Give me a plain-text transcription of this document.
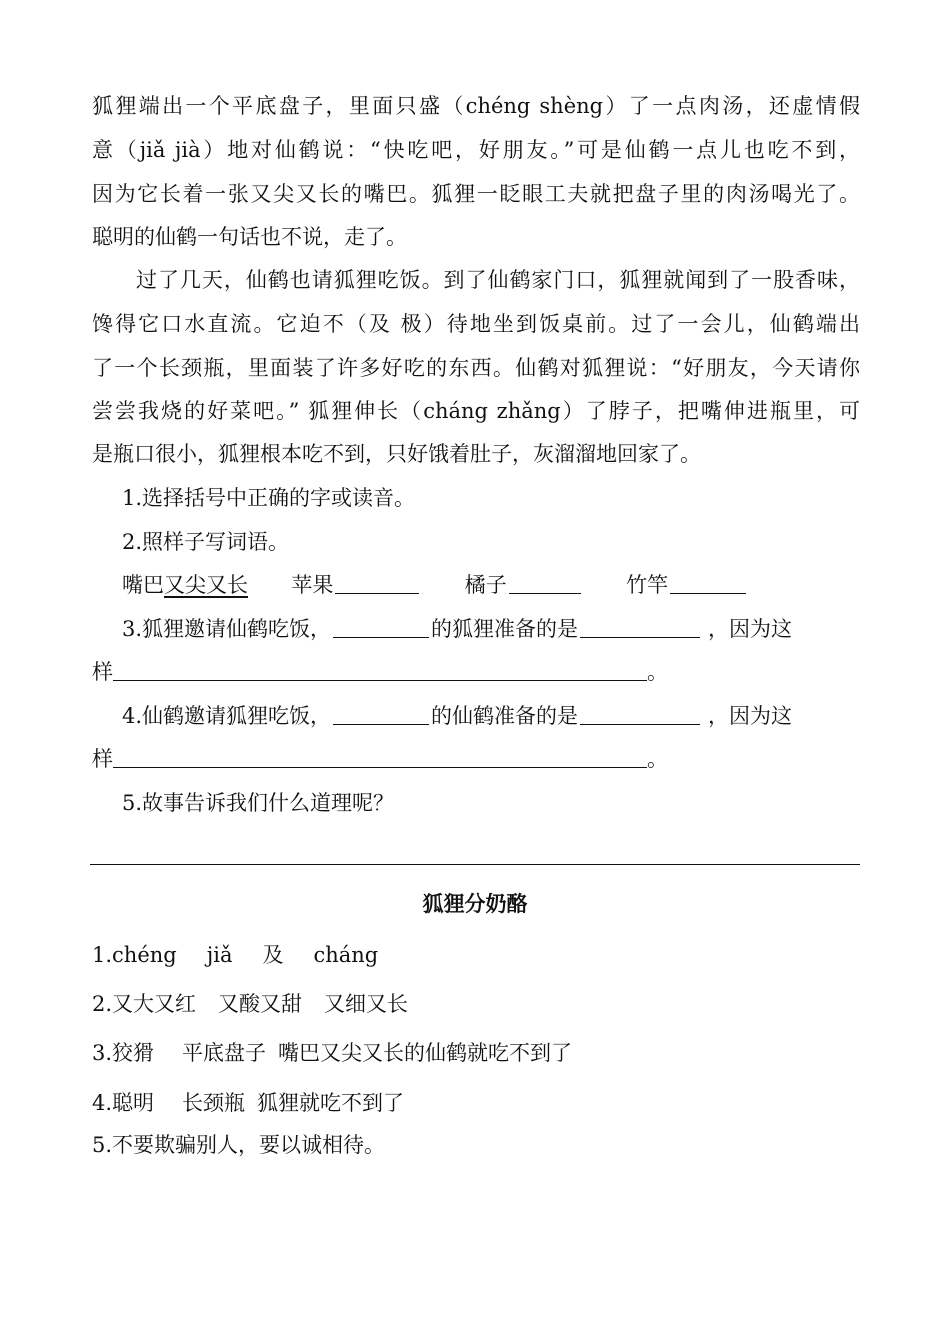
狐狸端出一个平底盘子，里面只盛（chéng shèng）了一点肉汤，还虚情假
意（jiǎ jià）地对仙鹤说：“快吃吧，好朋友。”可是仙鹤一点儿也吃不到，
因为它长着一张又尖又长的嘴巴。狐狸一眨眼工夫就把盘子里的肉汤喝光了。
聪明的仙鹤一句话也不说，走了。
过了几天，仙鹤也请狐狸吃饭。到了仙鹤家门口，狐狸就闻到了一股香味，
馋得它口水直流。它迫不（及 极）待地坐到饭桌前。过了一会儿，仙鹤端出
了一个长颈瓶，里面装了许多好吃的东西。仙鹤对狐狸说：“好朋友，今天请你
尝尝我烧的好菜吧。” 狐狸伸长（cháng zhǎng）了脖子，把嘴伸进瓶里，可
是瓶口很小，狐狸根本吃不到，只好饿着肚子，灰溜溜地回家了。
1.选择括号中正确的字或读音。
2.照样子写词语。
嘴巴又尖又长 苹果	橘子	竹竿
3.狐狸邀请仙鹤吃饭，	的狐狸准备的是	，因为这
样	。
4.仙鹤邀请狐狸吃饭，	的仙鹤准备的是	，因为这
样	。
5.故事告诉我们什么道理呢？
狐狸分奶酪
1.chéng jiǎ 及 cháng
2.又大又红 又酸又甜 又细又长
3.狡猾 平底盘子 嘴巴又尖又长的仙鹤就吃不到了
4.聪明 长颈瓶 狐狸就吃不到了
5.不要欺骗别人，要以诚相待。
